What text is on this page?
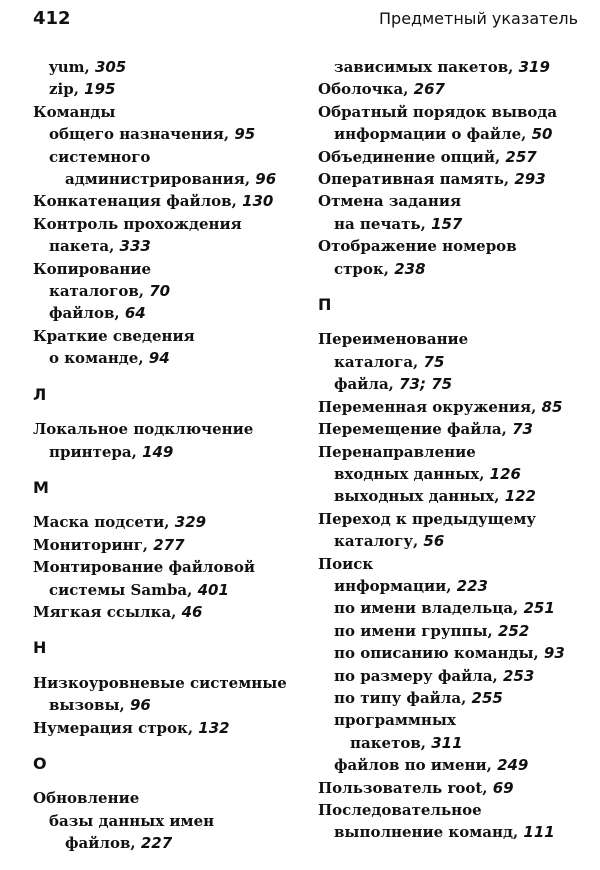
412	Предметный указатель
yum, 305
zip, 195
Команды
общего назначения, 95
системного
администрирования, 96
Конкатенация файлов, 130
Контроль прохождения
пакета, 333
Копирование
каталогов, 70
файлов, 64
Краткие сведения
о команде, 94
Л
Локальное подключение
принтера, 149
М
Маска подсети, 329
Мониторинг, 277
Монтирование файловой
системы Samba, 401
Мягкая ссылка, 46
Н
Низкоуровневые системные
вызовы, 96
Нумерация строк, 132
О
Обновление
базы данных имен
файлов, 227
зависимых пакетов, 319
Оболочка, 267
Обратный порядок вывода
информации о файле, 50
Объединение опций, 257
Оперативная память, 293
Отмена задания
на печать, 157
Отображение номеров
строк, 238
П
Переименование
каталога, 75
файла, 73; 75
Переменная окружения, 85
Перемещение файла, 73
Перенаправление
входных данных, 126
выходных данных, 122
Переход к предыдущему
каталогу, 56
Поиск
информации, 223
по имени владельца, 251
по имени группы, 252
по описанию команды, 93
по размеру файла, 253
по типу файла, 255
программных
пакетов, 311
файлов по имени, 249
Пользователь root, 69
Последовательное
выполнение команд, 111
